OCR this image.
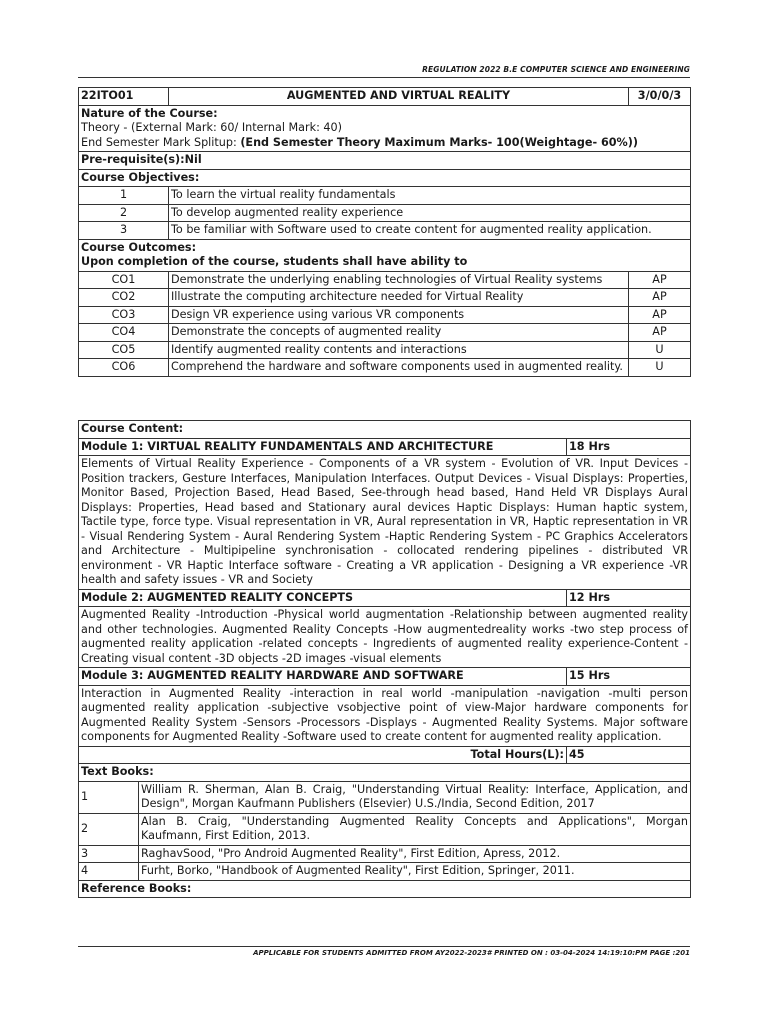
REGULATION 2022 B.E COMPUTER SCIENCE AND ENGINEERING
22ITO01	AUGMENTED AND VIRTUAL REALITY	3/0/0/3

Nature of the Course:
Theory - (External Mark: 60/ Internal Mark: 40)
End Semester Mark Splitup: (End Semester Theory Maximum Marks- 100(Weightage- 60%))		

Pre-requisite(s):Nil		
Course Objectives:		
1	To learn the virtual reality fundamentals	
2	To develop augmented reality experience	
3	To be familiar with Software used to create content for augmented reality application.	

Course Outcomes:
Upon completion of the course, students shall have ability to		

CO1	Demonstrate the underlying enabling technologies of Virtual Reality systems	AP
CO2	Illustrate the computing architecture needed for Virtual Reality	AP
CO3	Design VR experience using various VR components	AP
CO4	Demonstrate the concepts of augmented reality	AP
CO5	Identify augmented reality contents and interactions	U
CO6	Comprehend the hardware and software components used in augmented reality.	U
Course Content:		
Module 1: VIRTUAL REALITY FUNDAMENTALS AND ARCHITECTURE		18 Hrs
Elements of Virtual Reality Experience - Components of a VR system - Evolution of VR. Input Devices - Position trackers, Gesture Interfaces, Manipulation Interfaces. Output Devices - Visual Displays: Properties, Monitor Based, Projection Based, Head Based, See-through head based, Hand Held VR Displays Aural Displays: Properties, Head based and Stationary aural devices Haptic Displays: Human haptic system, Tactile type, force type. Visual representation in VR, Aural representation in VR, Haptic representation in VR - Visual Rendering System - Aural Rendering System -Haptic Rendering System - PC Graphics Accelerators and Architecture - Multipipeline synchronisation - collocated rendering pipelines - distributed VR environment - VR Haptic Interface software - Creating a VR application - Designing a VR experience -VR health and safety issues - VR and Society		
Module 2: AUGMENTED REALITY CONCEPTS		12 Hrs
Augmented Reality -Introduction -Physical world augmentation -Relationship between augmented reality and other technologies. Augmented Reality Concepts -How augmentedreality works -two step process of augmented reality application -related concepts - Ingredients of augmented reality experience-Content - Creating visual content -3D objects -2D images -visual elements		
Module 3: AUGMENTED REALITY HARDWARE AND SOFTWARE		15 Hrs
Interaction in Augmented Reality -interaction in real world -manipulation -navigation -multi person augmented reality application -subjective vsobjective point of view-Major hardware components for Augmented Reality System -Sensors -Processors -Displays - Augmented Reality Systems. Major software components for Augmented Reality -Software used to create content for augmented reality application.		
Total Hours(L):		45
Text Books:		
1	William R. Sherman, Alan B. Craig, "Understanding Virtual Reality: Interface, Application, and Design", Morgan Kaufmann Publishers (Elsevier) U.S./India, Second Edition, 2017	
2	Alan B. Craig, "Understanding Augmented Reality Concepts and Applications", Morgan Kaufmann, First Edition, 2013.	
3	RaghavSood, "Pro Android Augmented Reality", First Edition, Apress, 2012.	
4	Furht, Borko, "Handbook of Augmented Reality", First Edition, Springer, 2011.	
Reference Books:		
APPLICABLE FOR STUDENTS ADMITTED FROM AY2022-2023# PRINTED ON : 03-04-2024 14:19:10:PM PAGE :201
